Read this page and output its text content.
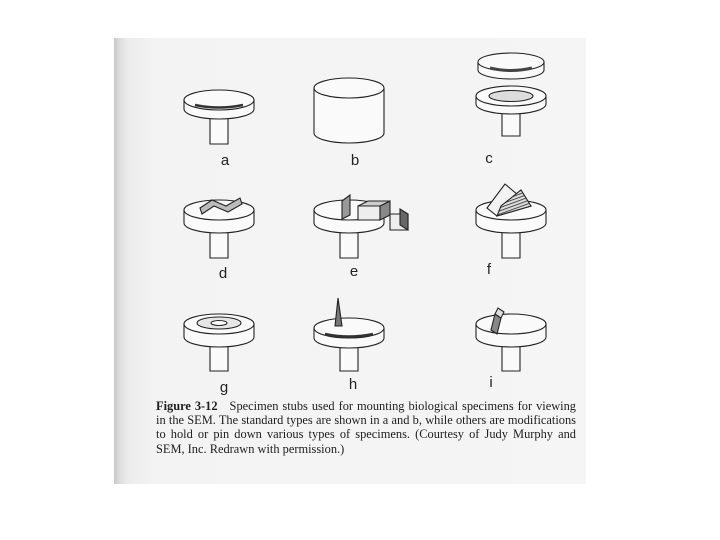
a	b	c
d	e	f
g	h	i
Figure 3-12 Specimen stubs used for mounting biological specimens for viewing in the SEM. The standard types are shown in a and b, while others are modifications to hold or pin down various types of specimens. (Courtesy of Judy Murphy and SEM, Inc. Redrawn with permission.)
